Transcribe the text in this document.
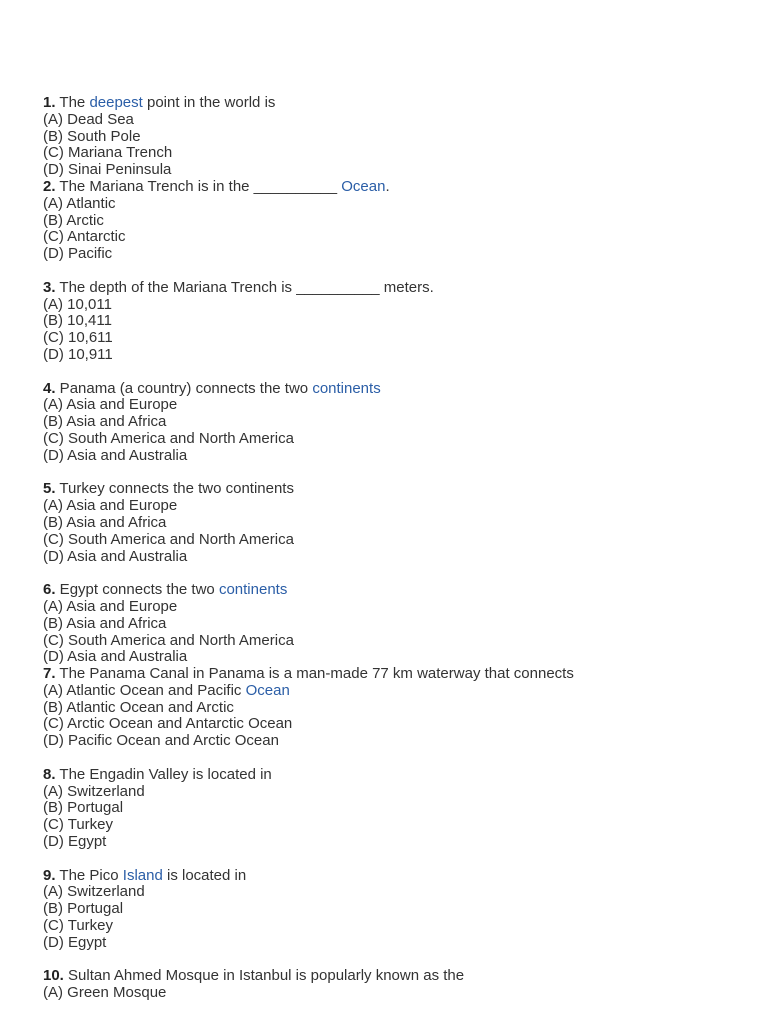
1. The deepest point in the world is
(A) Dead Sea
(B) South Pole
(C) Mariana Trench
(D) Sinai Peninsula
2. The Mariana Trench is in the __________ Ocean.
(A) Atlantic
(B) Arctic
(C) Antarctic
(D) Pacific
3. The depth of the Mariana Trench is __________ meters.
(A) 10,011
(B) 10,411
(C) 10,611
(D) 10,911
4. Panama (a country) connects the two continents
(A) Asia and Europe
(B) Asia and Africa
(C) South America and North America
(D) Asia and Australia
5. Turkey connects the two continents
(A) Asia and Europe
(B) Asia and Africa
(C) South America and North America
(D) Asia and Australia
6. Egypt connects the two continents
(A) Asia and Europe
(B) Asia and Africa
(C) South America and North America
(D) Asia and Australia
7. The Panama Canal in Panama is a man-made 77 km waterway that connects
(A) Atlantic Ocean and Pacific Ocean
(B) Atlantic Ocean and Arctic
(C) Arctic Ocean and Antarctic Ocean
(D) Pacific Ocean and Arctic Ocean
8. The Engadin Valley is located in
(A) Switzerland
(B) Portugal
(C) Turkey
(D) Egypt
9. The Pico Island is located in
(A) Switzerland
(B) Portugal
(C) Turkey
(D) Egypt
10. Sultan Ahmed Mosque in Istanbul is popularly known as the
(A) Green Mosque
